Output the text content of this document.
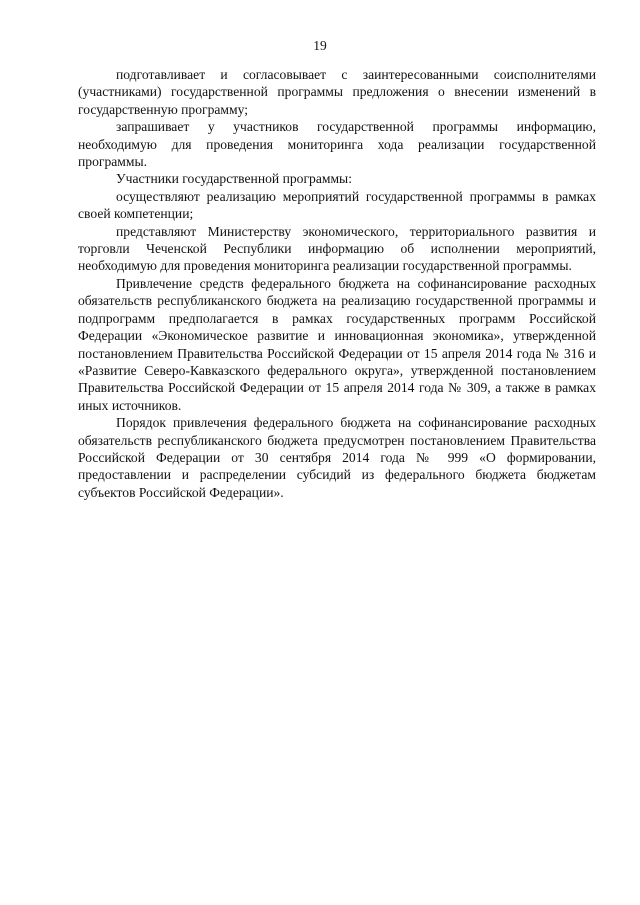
19

подготавливает и согласовывает с заинтересованными соисполнителями (участниками) государственной программы предложения о внесении изменений в государственную программу;

запрашивает у участников государственной программы информацию, необходимую для проведения мониторинга хода реализации государственной программы.

Участники государственной программы:

осуществляют реализацию мероприятий государственной программы в рамках своей компетенции;

представляют Министерству экономического, территориального развития и торговли Чеченской Республики информацию об исполнении мероприятий, необходимую для проведения мониторинга реализации государственной программы.

Привлечение средств федерального бюджета на софинансирование расходных обязательств республиканского бюджета на реализацию государственной программы и подпрограмм предполагается в рамках государственных программ Российской Федерации «Экономическое развитие и инновационная экономика», утвержденной постановлением Правительства Российской Федерации от 15 апреля 2014 года № 316 и «Развитие Северо-Кавказского федерального округа», утвержденной постановлением Правительства Российской Федерации от 15 апреля 2014 года № 309, а также в рамках иных источников.

Порядок привлечения федерального бюджета на софинансирование расходных обязательств республиканского бюджета предусмотрен постановлением Правительства Российской Федерации от 30 сентября 2014 года № 999 «О формировании, предоставлении и распределении субсидий из федерального бюджета бюджетам субъектов Российской Федерации».
